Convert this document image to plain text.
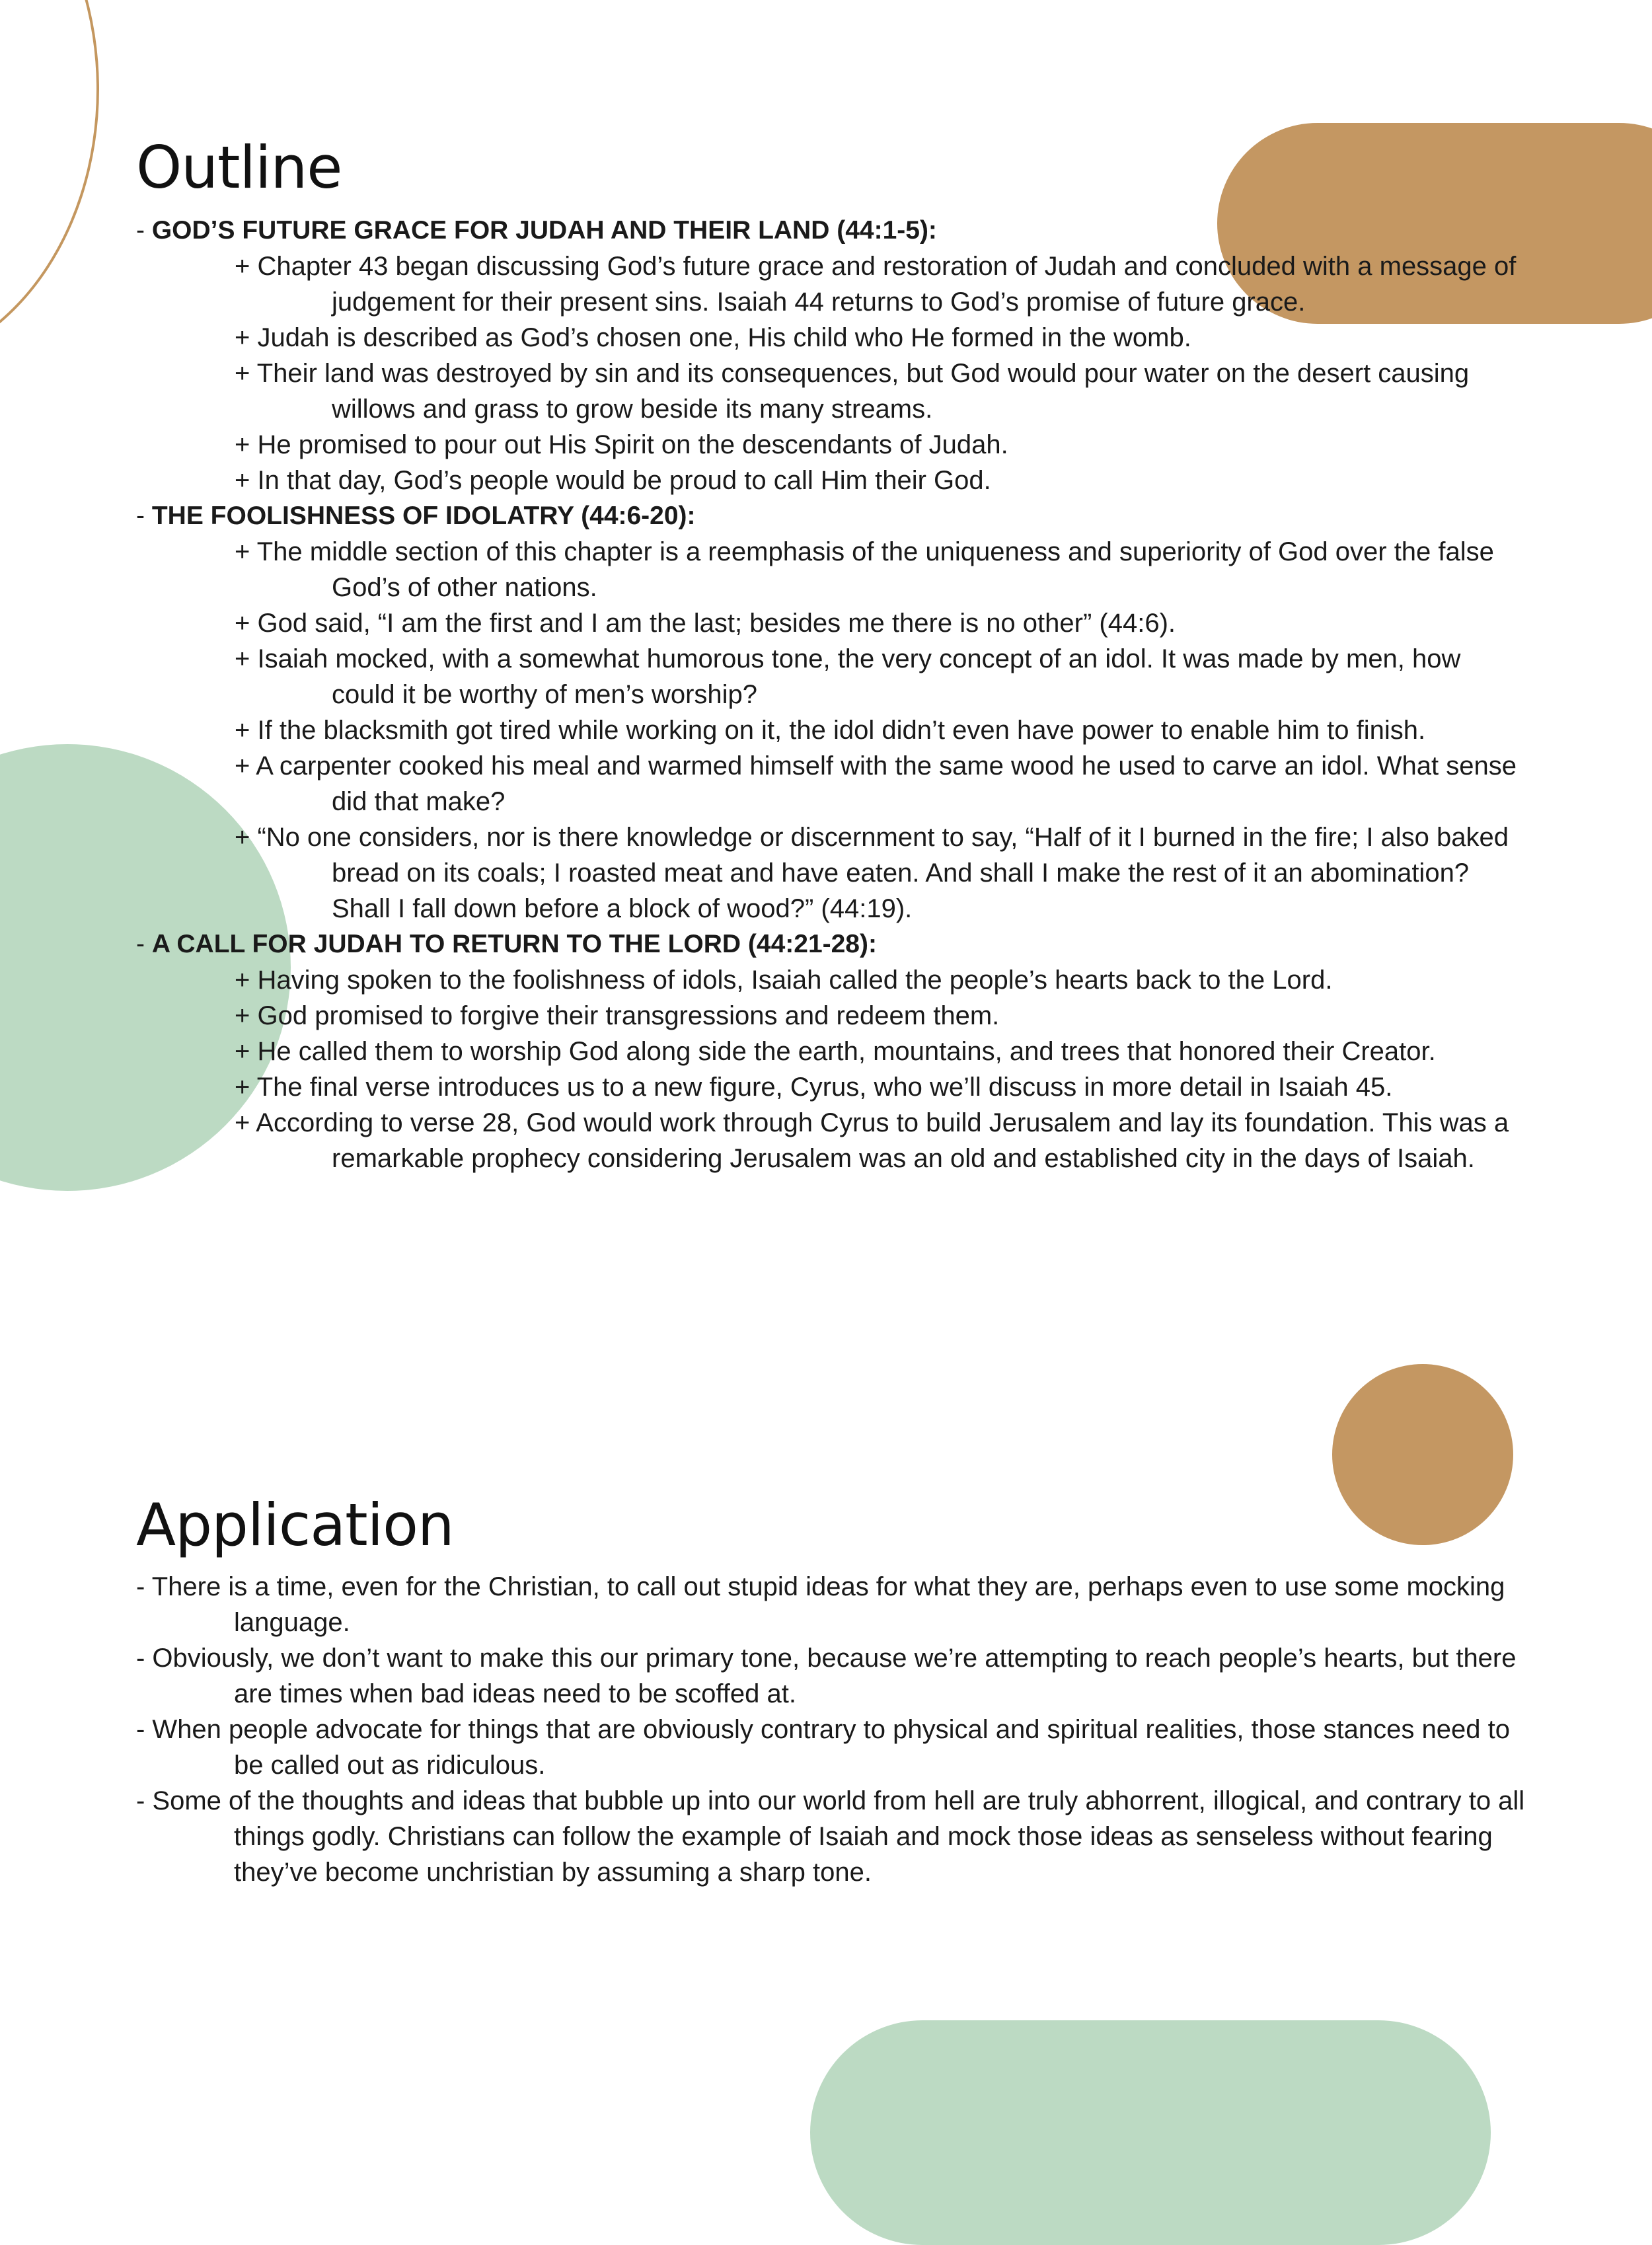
Outline

- GOD’S FUTURE GRACE FOR JUDAH AND THEIR LAND (44:1-5):

+ Chapter 43 began discussing God’s future grace and restoration of Judah and concluded with a message of judgement for their present sins. Isaiah 44 returns to God’s promise of future grace.

+ Judah is described as God’s chosen one, His child who He formed in the womb.

+ Their land was destroyed by sin and its consequences, but God would pour water on the desert causing willows and grass to grow beside its many streams.

+ He promised to pour out His Spirit on the descendants of Judah.

+ In that day, God’s people would be proud to call Him their God.

- THE FOOLISHNESS OF IDOLATRY (44:6-20):

+ The middle section of this chapter is a reemphasis of the uniqueness and superiority of God over the false God’s of other nations.

+ God said, “I am the first and I am the last; besides me there is no other” (44:6).

+ Isaiah mocked, with a somewhat humorous tone, the very concept of an idol. It was made by men, how could it be worthy of men’s worship?

+ If the blacksmith got tired while working on it, the idol didn’t even have power to enable him to finish.

+ A carpenter cooked his meal and warmed himself with the same wood he used to carve an idol. What sense did that make?

+ “No one considers, nor is there knowledge or discernment to say, “Half of it I burned in the fire; I also baked bread on its coals; I roasted meat and have eaten. And shall I make the rest of it an abomination? Shall I fall down before a block of wood?” (44:19).

- A CALL FOR JUDAH TO RETURN TO THE LORD (44:21-28):

+ Having spoken to the foolishness of idols, Isaiah called the people’s hearts back to the Lord.

+ God promised to forgive their transgressions and redeem them.

+ He called them to worship God along side the earth, mountains, and trees that honored their Creator.

+ The final verse introduces us to a new figure, Cyrus, who we’ll discuss in more detail in Isaiah 45.

+ According to verse 28, God would work through Cyrus to build Jerusalem and lay its foundation. This was a remarkable prophecy considering Jerusalem was an old and established city in the days of Isaiah.

Application

- There is a time, even for the Christian, to call out stupid ideas for what they are, perhaps even to use some mocking language.

- Obviously, we don’t want to make this our primary tone, because we’re attempting to reach people’s hearts, but there are times when bad ideas need to be scoffed at.

- When people advocate for things that are obviously contrary to physical and spiritual realities, those stances need to be called out as ridiculous.

- Some of the thoughts and ideas that bubble up into our world from hell are truly abhorrent, illogical, and contrary to all things godly. Christians can follow the example of Isaiah and mock those ideas as senseless without fearing they’ve become unchristian by assuming a sharp tone.
